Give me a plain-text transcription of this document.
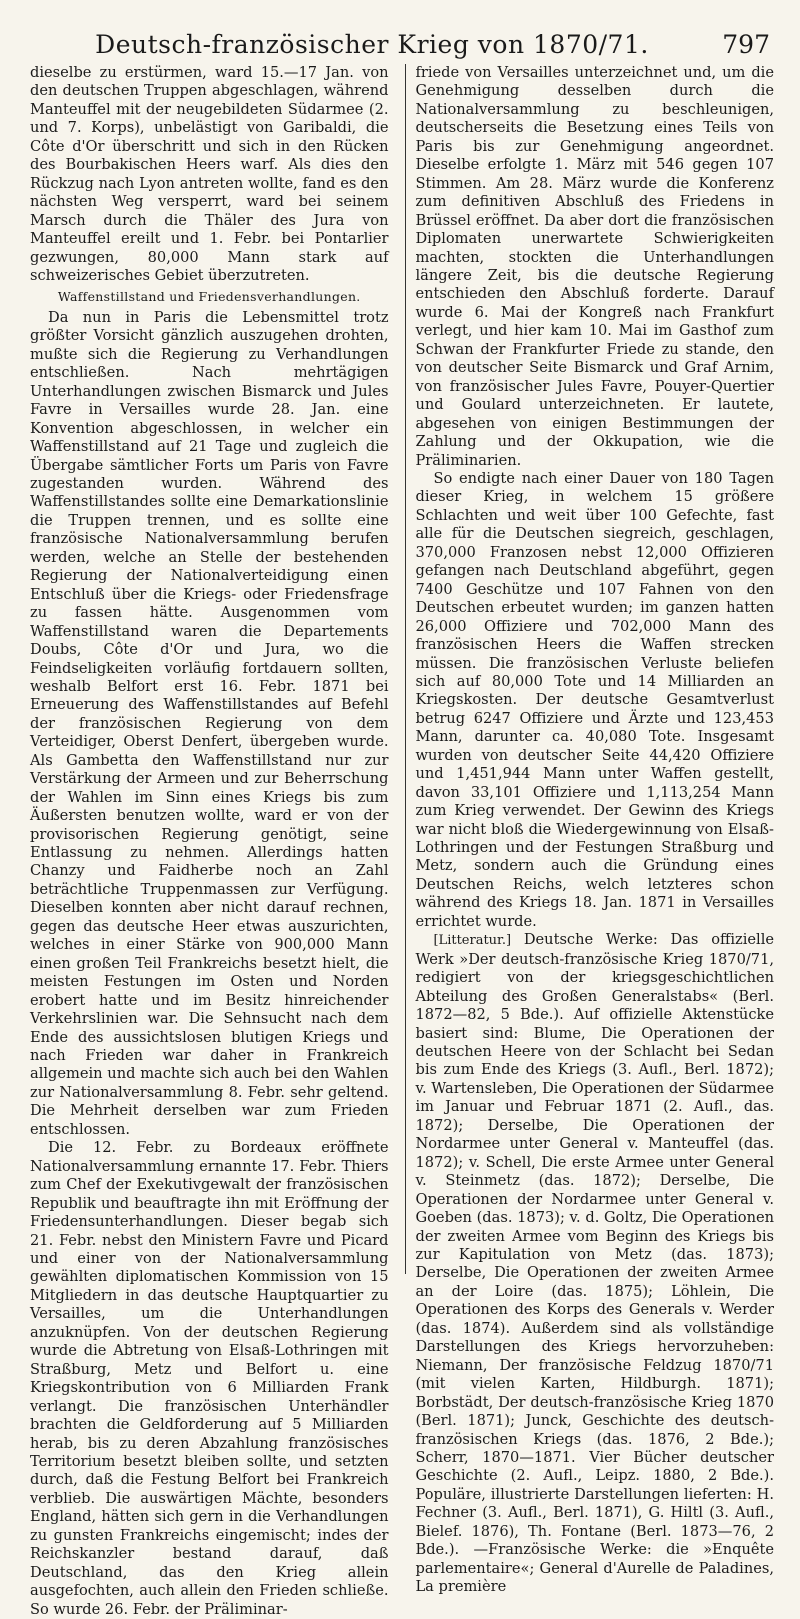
Deutsch-französischer Krieg von 1870/71.	797

dieselbe zu erstürmen, ward 15.—17 Jan. von den deutschen Truppen abgeschlagen, während Manteuffel mit der neugebildeten Südarmee (2. und 7. Korps), unbelästigt von Garibaldi, die Côte d'Or überschritt und sich in den Rücken des Bourbakischen Heers warf. Als dies den Rückzug nach Lyon antreten wollte, fand es den nächsten Weg versperrt, ward bei seinem Marsch durch die Thäler des Jura von Manteuffel ereilt und 1. Febr. bei Pontarlier gezwungen, 80,000 Mann stark auf schweizerisches Gebiet überzutreten.

Waffenstillstand und Friedensverhandlungen.

Da nun in Paris die Lebensmittel trotz größter Vorsicht gänzlich auszugehen drohten, mußte sich die Regierung zu Verhandlungen entschließen. Nach mehrtägigen Unterhandlungen zwischen Bismarck und Jules Favre in Versailles wurde 28. Jan. eine Konvention abgeschlossen, in welcher ein Waffenstillstand auf 21 Tage und zugleich die Übergabe sämtlicher Forts um Paris von Favre zugestanden wurden. Während des Waffenstillstandes sollte eine Demarkationslinie die Truppen trennen, und es sollte eine französische Nationalversammlung berufen werden, welche an Stelle der bestehenden Regierung der Nationalverteidigung einen Entschluß über die Kriegs- oder Friedensfrage zu fassen hätte. Ausgenommen vom Waffenstillstand waren die Departements Doubs, Côte d'Or und Jura, wo die Feindseligkeiten vorläufig fortdauern sollten, weshalb Belfort erst 16. Febr. 1871 bei Erneuerung des Waffenstillstandes auf Befehl der französischen Regierung von dem Verteidiger, Oberst Denfert, übergeben wurde. Als Gambetta den Waffenstillstand nur zur Verstärkung der Armeen und zur Beherrschung der Wahlen im Sinn eines Kriegs bis zum Äußersten benutzen wollte, ward er von der provisorischen Regierung genötigt, seine Entlassung zu nehmen. Allerdings hatten Chanzy und Faidherbe noch an Zahl beträchtliche Truppenmassen zur Verfügung. Dieselben konnten aber nicht darauf rechnen, gegen das deutsche Heer etwas auszurichten, welches in einer Stärke von 900,000 Mann einen großen Teil Frankreichs besetzt hielt, die meisten Festungen im Osten und Norden erobert hatte und im Besitz hinreichender Verkehrslinien war. Die Sehnsucht nach dem Ende des aussichtslosen blutigen Kriegs und nach Frieden war daher in Frankreich allgemein und machte sich auch bei den Wahlen zur Nationalversammlung 8. Febr. sehr geltend. Die Mehrheit derselben war zum Frieden entschlossen.

Die 12. Febr. zu Bordeaux eröffnete Nationalversammlung ernannte 17. Febr. Thiers zum Chef der Exekutivgewalt der französischen Republik und beauftragte ihn mit Eröffnung der Friedensunterhandlungen. Dieser begab sich 21. Febr. nebst den Ministern Favre und Picard und einer von der Nationalversammlung gewählten diplomatischen Kommission von 15 Mitgliedern in das deutsche Hauptquartier zu Versailles, um die Unterhandlungen anzuknüpfen. Von der deutschen Regierung wurde die Abtretung von Elsaß-Lothringen mit Straßburg, Metz und Belfort u. eine Kriegskontribution von 6 Milliarden Frank verlangt. Die französischen Unterhändler brachten die Geldforderung auf 5 Milliarden herab, bis zu deren Abzahlung französisches Territorium besetzt bleiben sollte, und setzten durch, daß die Festung Belfort bei Frankreich verblieb. Die auswärtigen Mächte, besonders England, hätten sich gern in die Verhandlungen zu gunsten Frankreichs eingemischt; indes der Reichskanzler bestand darauf, daß Deutschland, das den Krieg allein ausgefochten, auch allein den Frieden schließe. So wurde 26. Febr. der Präliminar-

friede von Versailles unterzeichnet und, um die Genehmigung desselben durch die Nationalversammlung zu beschleunigen, deutscherseits die Besetzung eines Teils von Paris bis zur Genehmigung angeordnet. Dieselbe erfolgte 1. März mit 546 gegen 107 Stimmen. Am 28. März wurde die Konferenz zum definitiven Abschluß des Friedens in Brüssel eröffnet. Da aber dort die französischen Diplomaten unerwartete Schwierigkeiten machten, stockten die Unterhandlungen längere Zeit, bis die deutsche Regierung entschieden den Abschluß forderte. Darauf wurde 6. Mai der Kongreß nach Frankfurt verlegt, und hier kam 10. Mai im Gasthof zum Schwan der Frankfurter Friede zu stande, den von deutscher Seite Bismarck und Graf Arnim, von französischer Jules Favre, Pouyer-Quertier und Goulard unterzeichneten. Er lautete, abgesehen von einigen Bestimmungen der Zahlung und der Okkupation, wie die Präliminarien.

So endigte nach einer Dauer von 180 Tagen dieser Krieg, in welchem 15 größere Schlachten und weit über 100 Gefechte, fast alle für die Deutschen siegreich, geschlagen, 370,000 Franzosen nebst 12,000 Offizieren gefangen nach Deutschland abgeführt, gegen 7400 Geschütze und 107 Fahnen von den Deutschen erbeutet wurden; im ganzen hatten 26,000 Offiziere und 702,000 Mann des französischen Heers die Waffen strecken müssen. Die französischen Verluste beliefen sich auf 80,000 Tote und 14 Milliarden an Kriegskosten. Der deutsche Gesamtverlust betrug 6247 Offiziere und Ärzte und 123,453 Mann, darunter ca. 40,080 Tote. Insgesamt wurden von deutscher Seite 44,420 Offiziere und 1,451,944 Mann unter Waffen gestellt, davon 33,101 Offiziere und 1,113,254 Mann zum Krieg verwendet. Der Gewinn des Kriegs war nicht bloß die Wiedergewinnung von Elsaß-Lothringen und der Festungen Straßburg und Metz, sondern auch die Gründung eines Deutschen Reichs, welch letzteres schon während des Kriegs 18. Jan. 1871 in Versailles errichtet wurde.

[Litteratur.] Deutsche Werke: Das offizielle Werk »Der deutsch-französische Krieg 1870/71, redigiert von der kriegsgeschichtlichen Abteilung des Großen Generalstabs« (Berl. 1872—82, 5 Bde.). Auf offizielle Aktenstücke basiert sind: Blume, Die Operationen der deutschen Heere von der Schlacht bei Sedan bis zum Ende des Kriegs (3. Aufl., Berl. 1872); v. Wartensleben, Die Operationen der Südarmee im Januar und Februar 1871 (2. Aufl., das. 1872); Derselbe, Die Operationen der Nordarmee unter General v. Manteuffel (das. 1872); v. Schell, Die erste Armee unter General v. Steinmetz (das. 1872); Derselbe, Die Operationen der Nordarmee unter General v. Goeben (das. 1873); v. d. Goltz, Die Operationen der zweiten Armee vom Beginn des Kriegs bis zur Kapitulation von Metz (das. 1873); Derselbe, Die Operationen der zweiten Armee an der Loire (das. 1875); Löhlein, Die Operationen des Korps des Generals v. Werder (das. 1874). Außerdem sind als vollständige Darstellungen des Kriegs hervorzuheben: Niemann, Der französische Feldzug 1870/71 (mit vielen Karten, Hildburgh. 1871); Borbstädt, Der deutsch-französische Krieg 1870 (Berl. 1871); Junck, Geschichte des deutsch-französischen Kriegs (das. 1876, 2 Bde.); Scherr, 1870—1871. Vier Bücher deutscher Geschichte (2. Aufl., Leipz. 1880, 2 Bde.). Populäre, illustrierte Darstellungen lieferten: H. Fechner (3. Aufl., Berl. 1871), G. Hiltl (3. Aufl., Bielef. 1876), Th. Fontane (Berl. 1873—76, 2 Bde.). —Französische Werke: die »Enquête parlementaire«; General d'Aurelle de Paladines, La première
